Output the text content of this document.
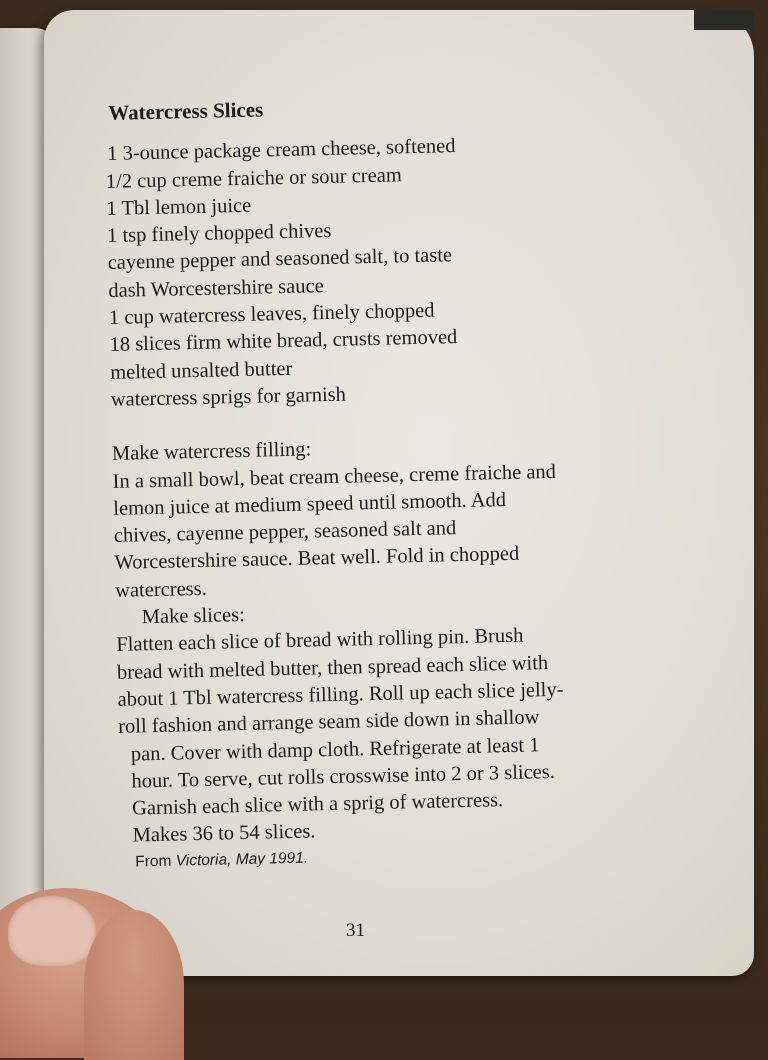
Watercress Slices
1 3-ounce package cream cheese, softened
1/2 cup creme fraiche or sour cream
1 Tbl lemon juice
1 tsp finely chopped chives
cayenne pepper and seasoned salt, to taste
dash Worcestershire sauce
1 cup watercress leaves, finely chopped
18 slices firm white bread, crusts removed
melted unsalted butter
watercress sprigs for garnish

Make watercress filling:

In a small bowl, beat cream cheese, creme fraiche and

lemon juice at medium speed until smooth. Add

chives, cayenne pepper, seasoned salt and

Worcestershire sauce. Beat well. Fold in chopped

watercress.

Make slices:

Flatten each slice of bread with rolling pin. Brush

bread with melted butter, then spread each slice with

about 1 Tbl watercress filling. Roll up each slice jelly-

roll fashion and arrange seam side down in shallow

pan. Cover with damp cloth. Refrigerate at least 1

hour. To serve, cut rolls crosswise into 2 or 3 slices.

Garnish each slice with a sprig of watercress.

Makes 36 to 54 slices.

From Victoria, May 1991.

31
